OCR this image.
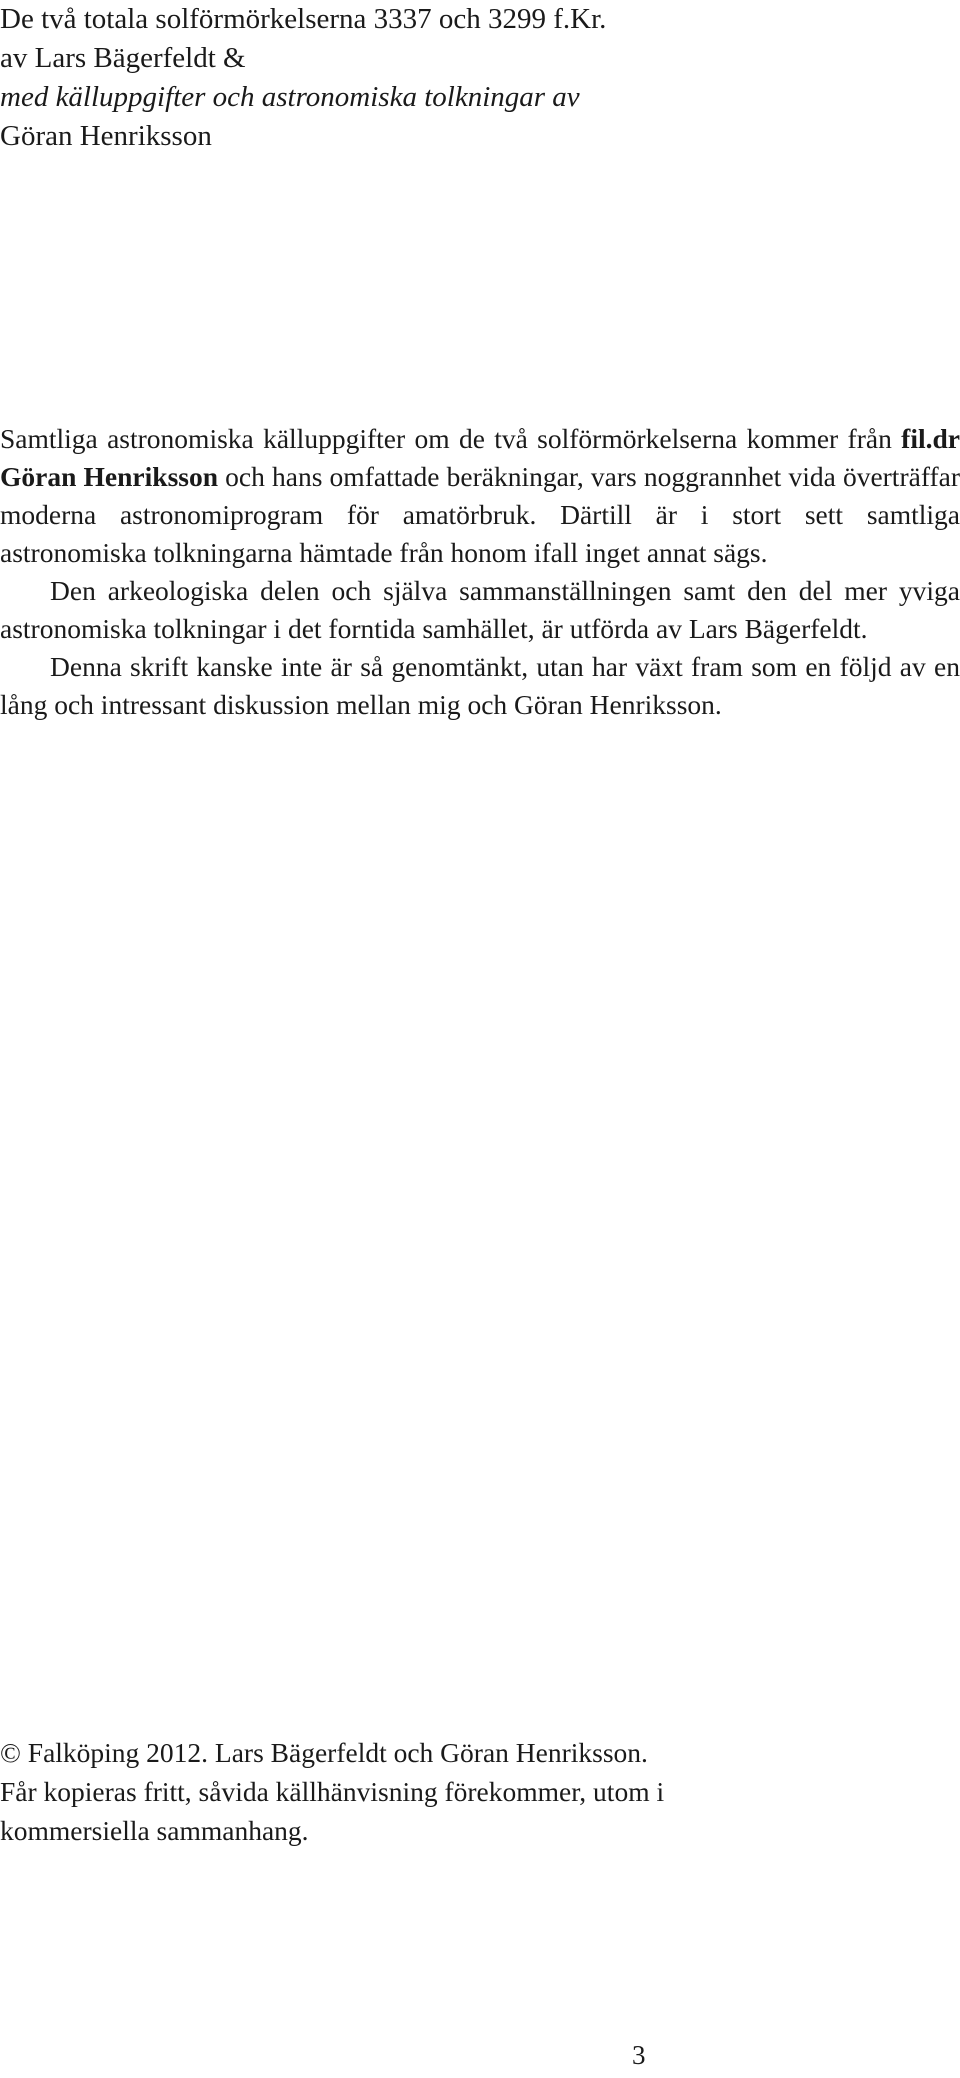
De två totala solförmörkelserna 3337 och 3299 f.Kr.
av Lars Bägerfeldt &
med källuppgifter och astronomiska tolkningar av
Göran Henriksson

Samtliga astronomiska källuppgifter om de två solförmörkelserna kommer från fil.dr Göran Henriksson och hans omfattade beräkningar, vars noggrannhet vida överträffar moderna astronomiprogram för amatörbruk. Därtill är i stort sett samtliga astronomiska tolkningarna hämtade från honom ifall inget annat sägs.

Den arkeologiska delen och själva sammanställningen samt den del mer yviga astronomiska tolkningar i det forntida samhället, är utförda av Lars Bägerfeldt.

Denna skrift kanske inte är så genomtänkt, utan har växt fram som en följd av en lång och intressant diskussion mellan mig och Göran Henriksson.

© Falköping 2012. Lars Bägerfeldt och Göran Henriksson.
Får kopieras fritt, såvida källhänvisning förekommer, utom i
kommersiella sammanhang.
3
